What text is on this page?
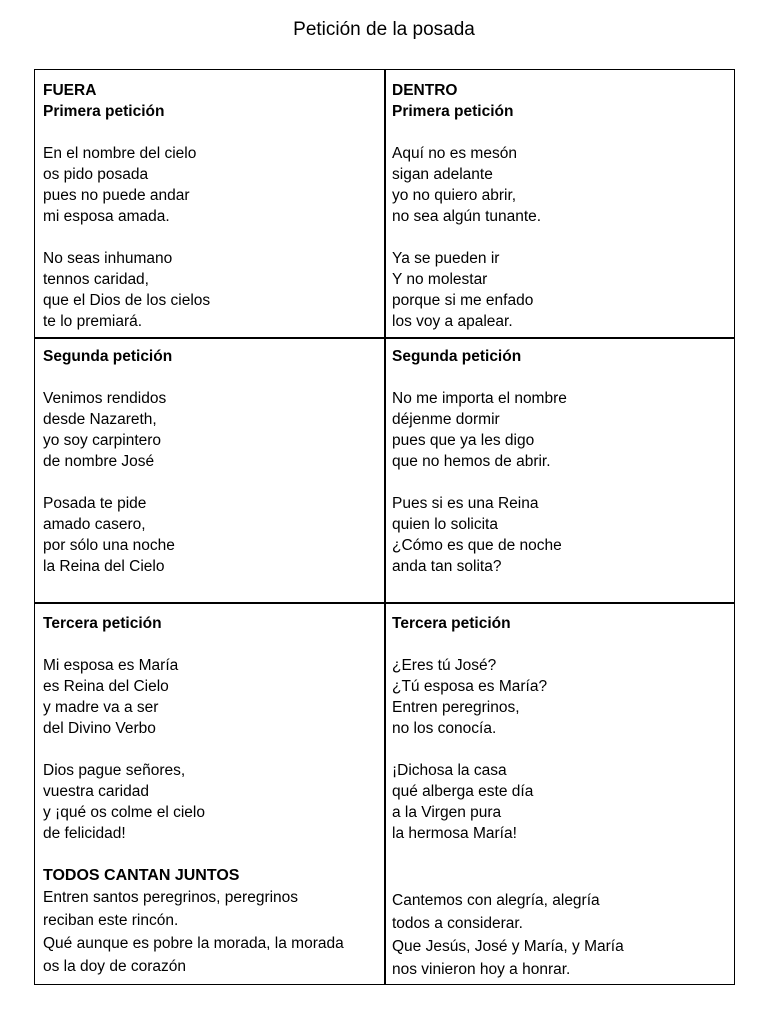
Petición de la posada
FUERA
Primera petición
En el nombre del cielo
os pido posada
pues no puede andar
mi esposa amada.
No seas inhumano
tennos caridad,
que el Dios de los cielos
te lo premiará.
DENTRO
Primera petición
Aquí no es mesón
sigan adelante
yo no quiero abrir,
no sea algún tunante.
Ya se pueden ir
Y no molestar
porque si me enfado
los voy a apalear.
Segunda petición
Venimos rendidos
desde Nazareth,
yo soy carpintero
de nombre José
Posada te pide
amado casero,
por sólo una noche
la Reina del Cielo
Segunda petición
No me importa el nombre
déjenme dormir
pues que ya les digo
que no hemos de abrir.
Pues si es una Reina
quien lo solicita
¿Cómo es que de noche
anda tan solita?
Tercera petición
Mi esposa es María
es Reina del Cielo
y madre va a ser
del Divino Verbo
Dios pague señores,
vuestra caridad
y ¡qué os colme el cielo
de felicidad!
TODOS CANTAN JUNTOS
Entren santos peregrinos, peregrinos
reciban este rincón.
Qué aunque es pobre la morada, la morada
os la doy de corazón
Tercera petición
¿Eres tú José?
¿Tú esposa es María?
Entren peregrinos,
no los conocía.
¡Dichosa la casa
qué alberga este día
a la Virgen pura
la hermosa María!
Cantemos con alegría, alegría
todos a considerar.
Que Jesús, José y María, y María
nos vinieron hoy a honrar.
